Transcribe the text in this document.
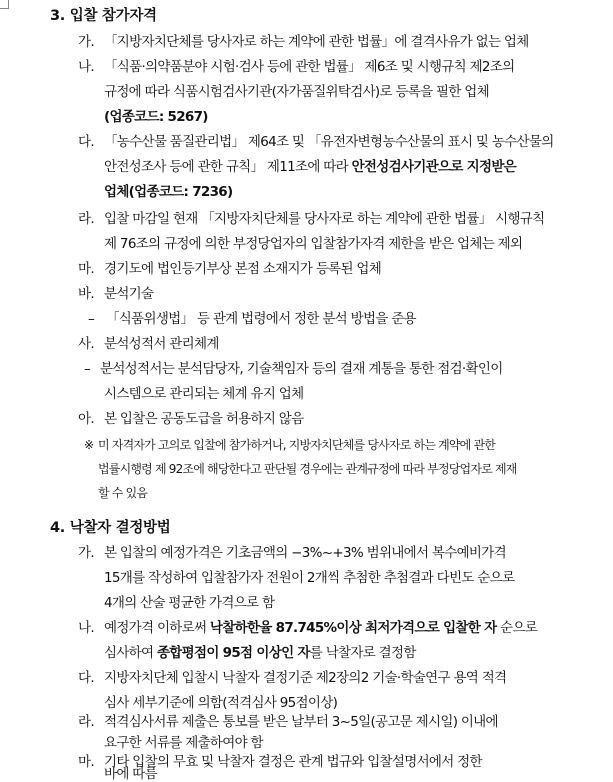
3. 입찰 참가자격
가. 「지방자치단체를 당사자로 하는 계약에 관한 법률」에 결격사유가 없는 업체
나. 「식품·의약품분야 시험·검사 등에 관한 법률」 제6조 및 시행규칙 제2조의
규정에 따라 식품시험검사기관(자가품질위탁검사)로 등록을 필한 업체
(업종코드: 5267)
다. 「농수산물 품질관리법」 제64조 및 「유전자변형농수산물의 표시 및 농수산물의
안전성조사 등에 관한 규칙」 제11조에 따라 안전성검사기관으로 지정받은
업체(업종코드: 7236)
라. 입찰 마감일 현재 「지방자치단체를 당사자로 하는 계약에 관한 법률」 시행규칙
제 76조의 규정에 의한 부정당업자의 입찰참가자격 제한을 받은 업체는 제외
마. 경기도에 법인등기부상 본점 소재지가 등록된 업체
바. 분석기술
– 「식품위생법」 등 관계 법령에서 정한 분석 방법을 준용
사. 분석성적서 관리체계
– 분석성적서는 분석담당자, 기술책임자 등의 결재 계통을 통한 점검·확인이
시스템으로 관리되는 체계 유지 업체
아. 본 입찰은 공동도급을 허용하지 않음
※ 미 자격자가 고의로 입찰에 참가하거나, 지방자치단체를 당사자로 하는 계약에 관한
법률시행령 제 92조에 해당한다고 판단될 경우에는 관계규정에 따라 부정당업자로 제재
할 수 있음
4. 낙찰자 결정방법
가. 본 입찰의 예정가격은 기초금액의 −3%~+3% 범위내에서 복수예비가격
15개를 작성하여 입찰참가자 전원이 2개씩 추첨한 추첨결과 다빈도 순으로
4개의 산술 평균한 가격으로 함
나. 예정가격 이하로써 낙찰하한율 87.745%이상 최저가격으로 입찰한 자 순으로
심사하여 종합평점이 95점 이상인 자를 낙찰자로 결정함
다. 지방자치단체 입찰시 낙찰자 결정기준 제2장의2 기술·학술연구 용역 적격
심사 세부기준에 의함(적격심사 95점이상)
라. 적격심사서류 제출은 통보를 받은 날부터 3~5일(공고문 제시일) 이내에
요구한 서류를 제출하여야 함
마. 기타 입찰의 무효 및 낙찰자 결정은 관계 법규와 입찰설명서에서 정한
바에 따름
